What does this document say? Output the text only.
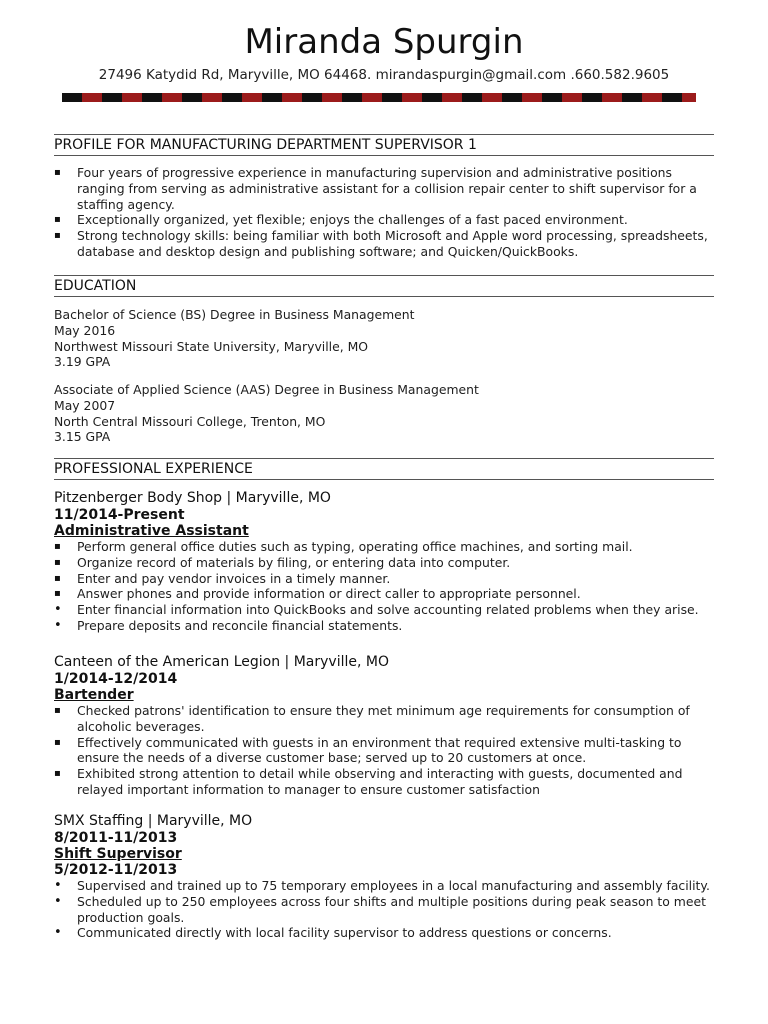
Miranda Spurgin
27496 Katydid Rd, Maryville, MO 64468. mirandaspurgin@gmail.com .660.582.9605
PROFILE FOR MANUFACTURING DEPARTMENT SUPERVISOR 1
▪ Four years of progressive experience in manufacturing supervision and administrative positions ranging from serving as administrative assistant for a collision repair center to shift supervisor for a staffing agency.
▪ Exceptionally organized, yet flexible; enjoys the challenges of a fast paced environment.
▪ Strong technology skills: being familiar with both Microsoft and Apple word processing, spreadsheets, database and desktop design and publishing software; and Quicken/QuickBooks.
EDUCATION
Bachelor of Science (BS) Degree in Business Management
May 2016
Northwest Missouri State University, Maryville, MO
3.19 GPA
Associate of Applied Science (AAS) Degree in Business Management
May 2007
North Central Missouri College, Trenton, MO
3.15 GPA
PROFESSIONAL EXPERIENCE
Pitzenberger Body Shop | Maryville, MO
11/2014-Present
Administrative Assistant
▪ Perform general office duties such as typing, operating office machines, and sorting mail.
▪ Organize record of materials by filing, or entering data into computer.
▪ Enter and pay vendor invoices in a timely manner.
▪ Answer phones and provide information or direct caller to appropriate personnel.
• Enter financial information into QuickBooks and solve accounting related problems when they arise.
• Prepare deposits and reconcile financial statements.
Canteen of the American Legion | Maryville, MO
1/2014-12/2014
Bartender
▪ Checked patrons' identification to ensure they met minimum age requirements for consumption of alcoholic beverages.
▪ Effectively communicated with guests in an environment that required extensive multi-tasking to ensure the needs of a diverse customer base; served up to 20 customers at once.
▪ Exhibited strong attention to detail while observing and interacting with guests, documented and relayed important information to manager to ensure customer satisfaction
SMX Staffing | Maryville, MO
8/2011-11/2013
Shift Supervisor
5/2012-11/2013
• Supervised and trained up to 75 temporary employees in a local manufacturing and assembly facility.
• Scheduled up to 250 employees across four shifts and multiple positions during peak season to meet production goals.
• Communicated directly with local facility supervisor to address questions or concerns.
